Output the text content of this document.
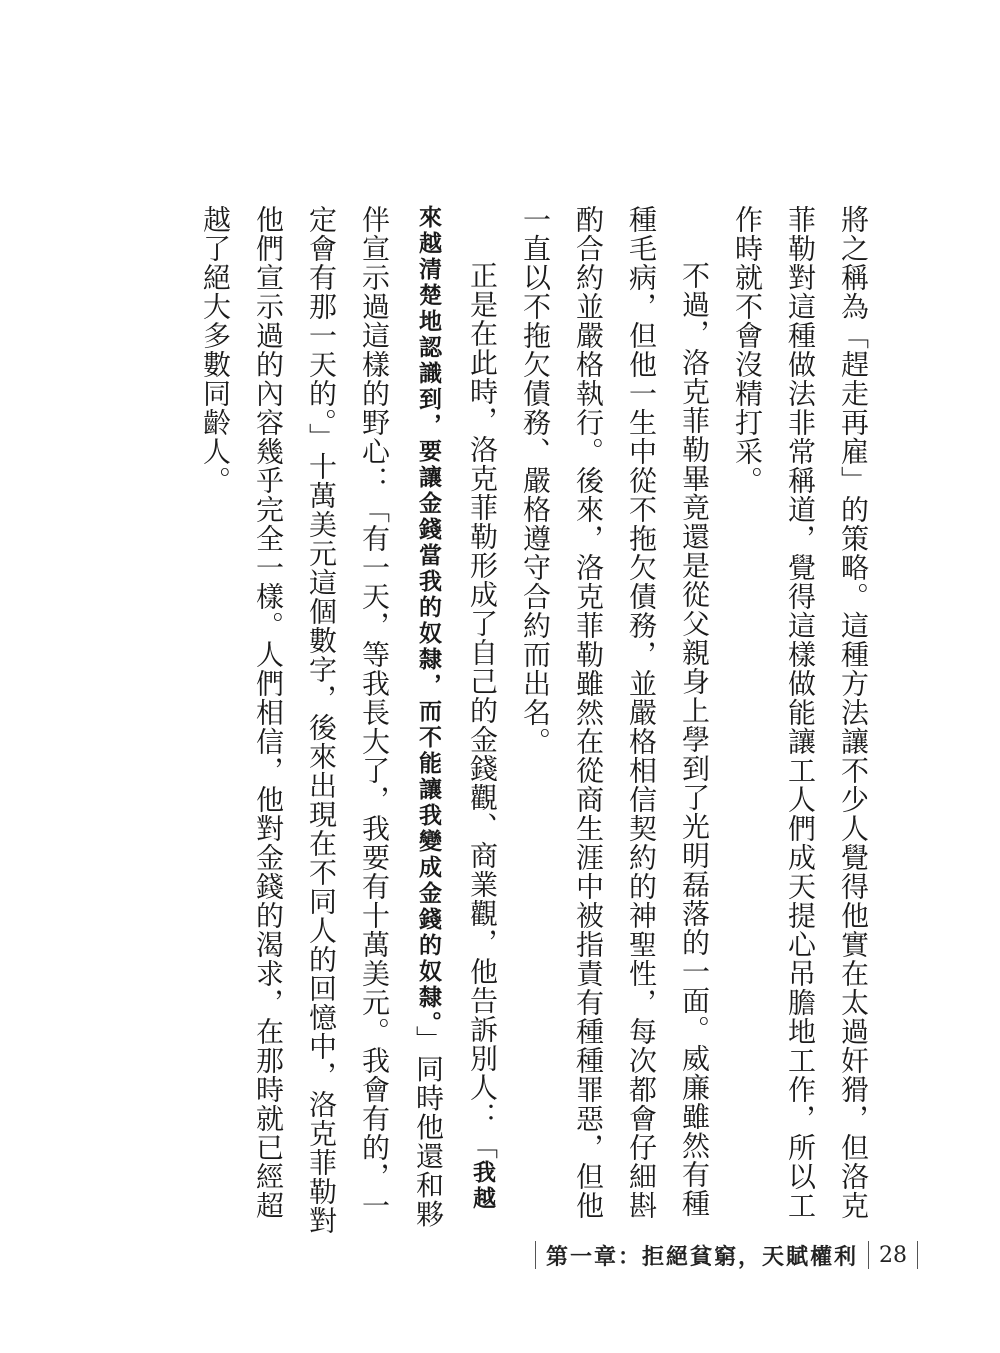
將之稱為「趕走再雇」的策略。這種方法讓不少人覺得他實在太過奸猾，但洛克菲勒對這種做法非常稱道，覺得這樣做能讓工人們成天提心吊膽地工作，所以工作時就不會沒精打采。

不過，洛克菲勒畢竟還是從父親身上學到了光明磊落的一面。威廉雖然有種種毛病，但他一生中從不拖欠債務，並嚴格相信契約的神聖性，每次都會仔細斟酌合約並嚴格執行。後來，洛克菲勒雖然在從商生涯中被指責有種種罪惡，但他一直以不拖欠債務、嚴格遵守合約而出名。

正是在此時，洛克菲勒形成了自己的金錢觀、商業觀，他告訴別人：「我越來越清楚地認識到，要讓金錢當我的奴隸，而不能讓我變成金錢的奴隸。」同時他還和夥伴宣示過這樣的野心：「有一天，等我長大了，我要有十萬美元。我會有的，一定會有那一天的。」十萬美元這個數字，後來出現在不同人的回憶中，洛克菲勒對他們宣示過的內容幾乎完全一樣。人們相信，他對金錢的渴求，在那時就已經超越了絕大多數同齡人。

第一章：拒絕貧窮，天賦權利 28
